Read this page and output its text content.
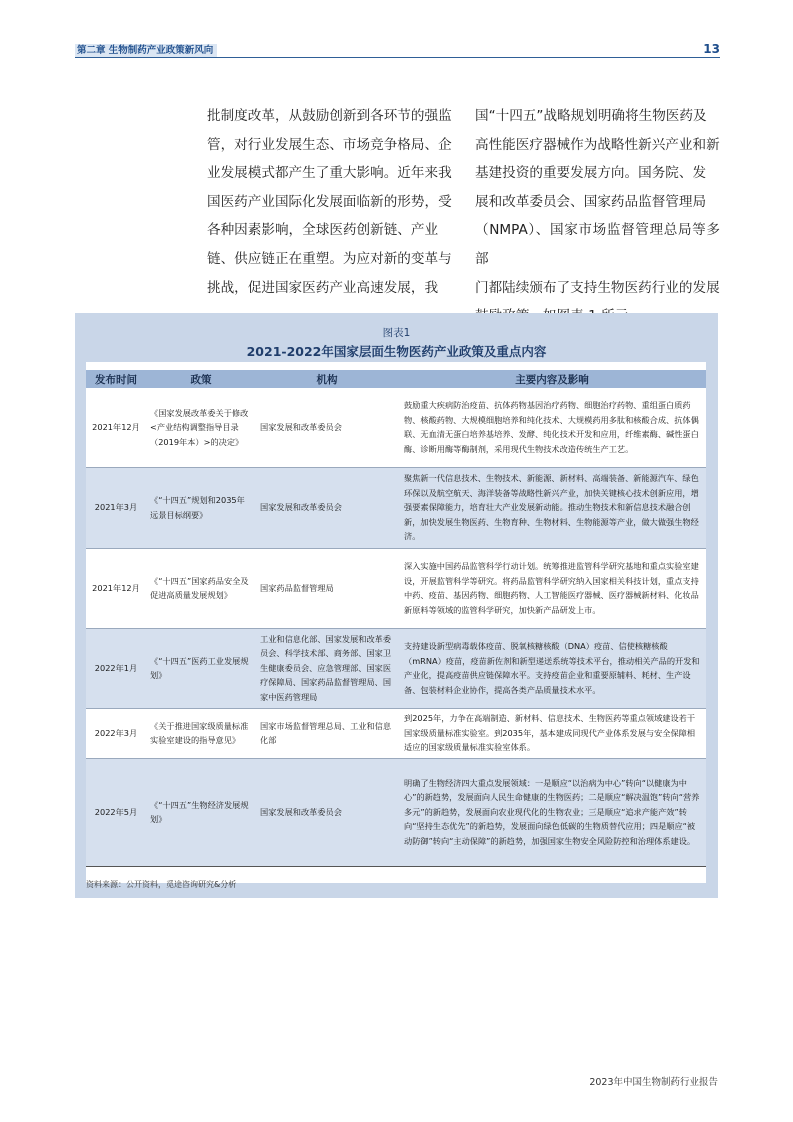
第二章 生物制药产业政策新风向	13
批制度改革，从鼓励创新到各环节的强监
管，对行业发展生态、市场竞争格局、企
业发展模式都产生了重大影响。近年来我
国医药产业国际化发展面临新的形势，受
各种因素影响，全球医药创新链、产业
链、供应链正在重塑。为应对新的变革与
挑战，促进国家医药产业高速发展，我
国“十四五”战略规划明确将生物医药及
高性能医疗器械作为战略性新兴产业和新
基建投资的重要发展方向。国务院、发
展和改革委员会、国家药品监督管理局
（NMPA）、国家市场监督管理总局等多部
门都陆续颁布了支持生物医药行业的发展
图表1
2021-2022年国家层面生物医药产业政策及重点内容
发布时间	政策	机构	主要内容及影响
2021年12月	《国家发展改革委关于修改<产业结构调整指导目录（2019年本）>的决定》	国家发展和改革委员会	鼓励重大疾病防治疫苗、抗体药物基因治疗药物、细胞治疗药物、重组蛋白质药物、核酸药物、大规模细胞培养和纯化技术、大规模药用多肽和核酸合成、抗体偶联、无血清无蛋白培养基培养、发酵、纯化技术开发和应用，纤维素酶、碱性蛋白酶、诊断用酶等酶制剂，采用现代生物技术改造传统生产工艺。
2021年3月	《“十四五”规划和2035年远景目标纲要》	国家发展和改革委员会	聚焦新一代信息技术、生物技术、新能源、新材料、高端装备、新能源汽车、绿色环保以及航空航天、海洋装备等战略性新兴产业，加快关键核心技术创新应用，增强要素保障能力，培育壮大产业发展新动能。推动生物技术和新信息技术融合创新，加快发展生物医药、生物育种、生物材料、生物能源等产业，做大做强生物经济。
2021年12月	《“十四五”国家药品安全及促进高质量发展规划》	国家药品监督管理局	深入实施中国药品监管科学行动计划。统筹推进监管科学研究基地和重点实验室建设，开展监管科学等研究。将药品监管科学研究纳入国家相关科技计划，重点支持中药、疫苗、基因药物、细胞药物、人工智能医疗器械、医疗器械新材料、化妆品新原料等领域的监管科学研究，加快新产品研发上市。
2022年1月	《“十四五”医药工业发展规划》	工业和信息化部、国家发展和改革委员会、科学技术部、商务部、国家卫生健康委员会、应急管理部、国家医疗保障局、国家药品监督管理局、国家中医药管理局	支持建设新型病毒载体疫苗、脱氧核糖核酸（DNA）疫苗、信使核糖核酸（mRNA）疫苗，疫苗新佐剂和新型递送系统等技术平台，推动相关产品的开发和产业化，提高疫苗供应链保障水平。支持疫苗企业和重要原辅料、耗材、生产设备、包装材料企业协作，提高各类产品质量技术水平。
2022年3月	《关于推进国家级质量标准实验室建设的指导意见》	国家市场监督管理总局、工业和信息化部	到2025年，力争在高端制造、新材料、信息技术、生物医药等重点领域建设若干国家级质量标准实验室。到2035年，基本建成同现代产业体系发展与安全保障相适应的国家级质量标准实验室体系。
2022年5月	《“十四五”生物经济发展规划》	国家发展和改革委员会	明确了生物经济四大重点发展领域：一是顺应“以治病为中心”转向“以健康为中心”的新趋势，发展面向人民生命健康的生物医药；二是顺应“解决温饱”转向“营养多元”的新趋势，发展面向农业现代化的生物农业；三是顺应“追求产能产效”转向“坚持生态优先”的新趋势，发展面向绿色低碳的生物质替代应用；四是顺应“被动防御”转向“主动保障”的新趋势，加强国家生物安全风险防控和治理体系建设。
资料来源：公开资料，觅途咨询研究&分析
2023年中国生物制药行业报告
